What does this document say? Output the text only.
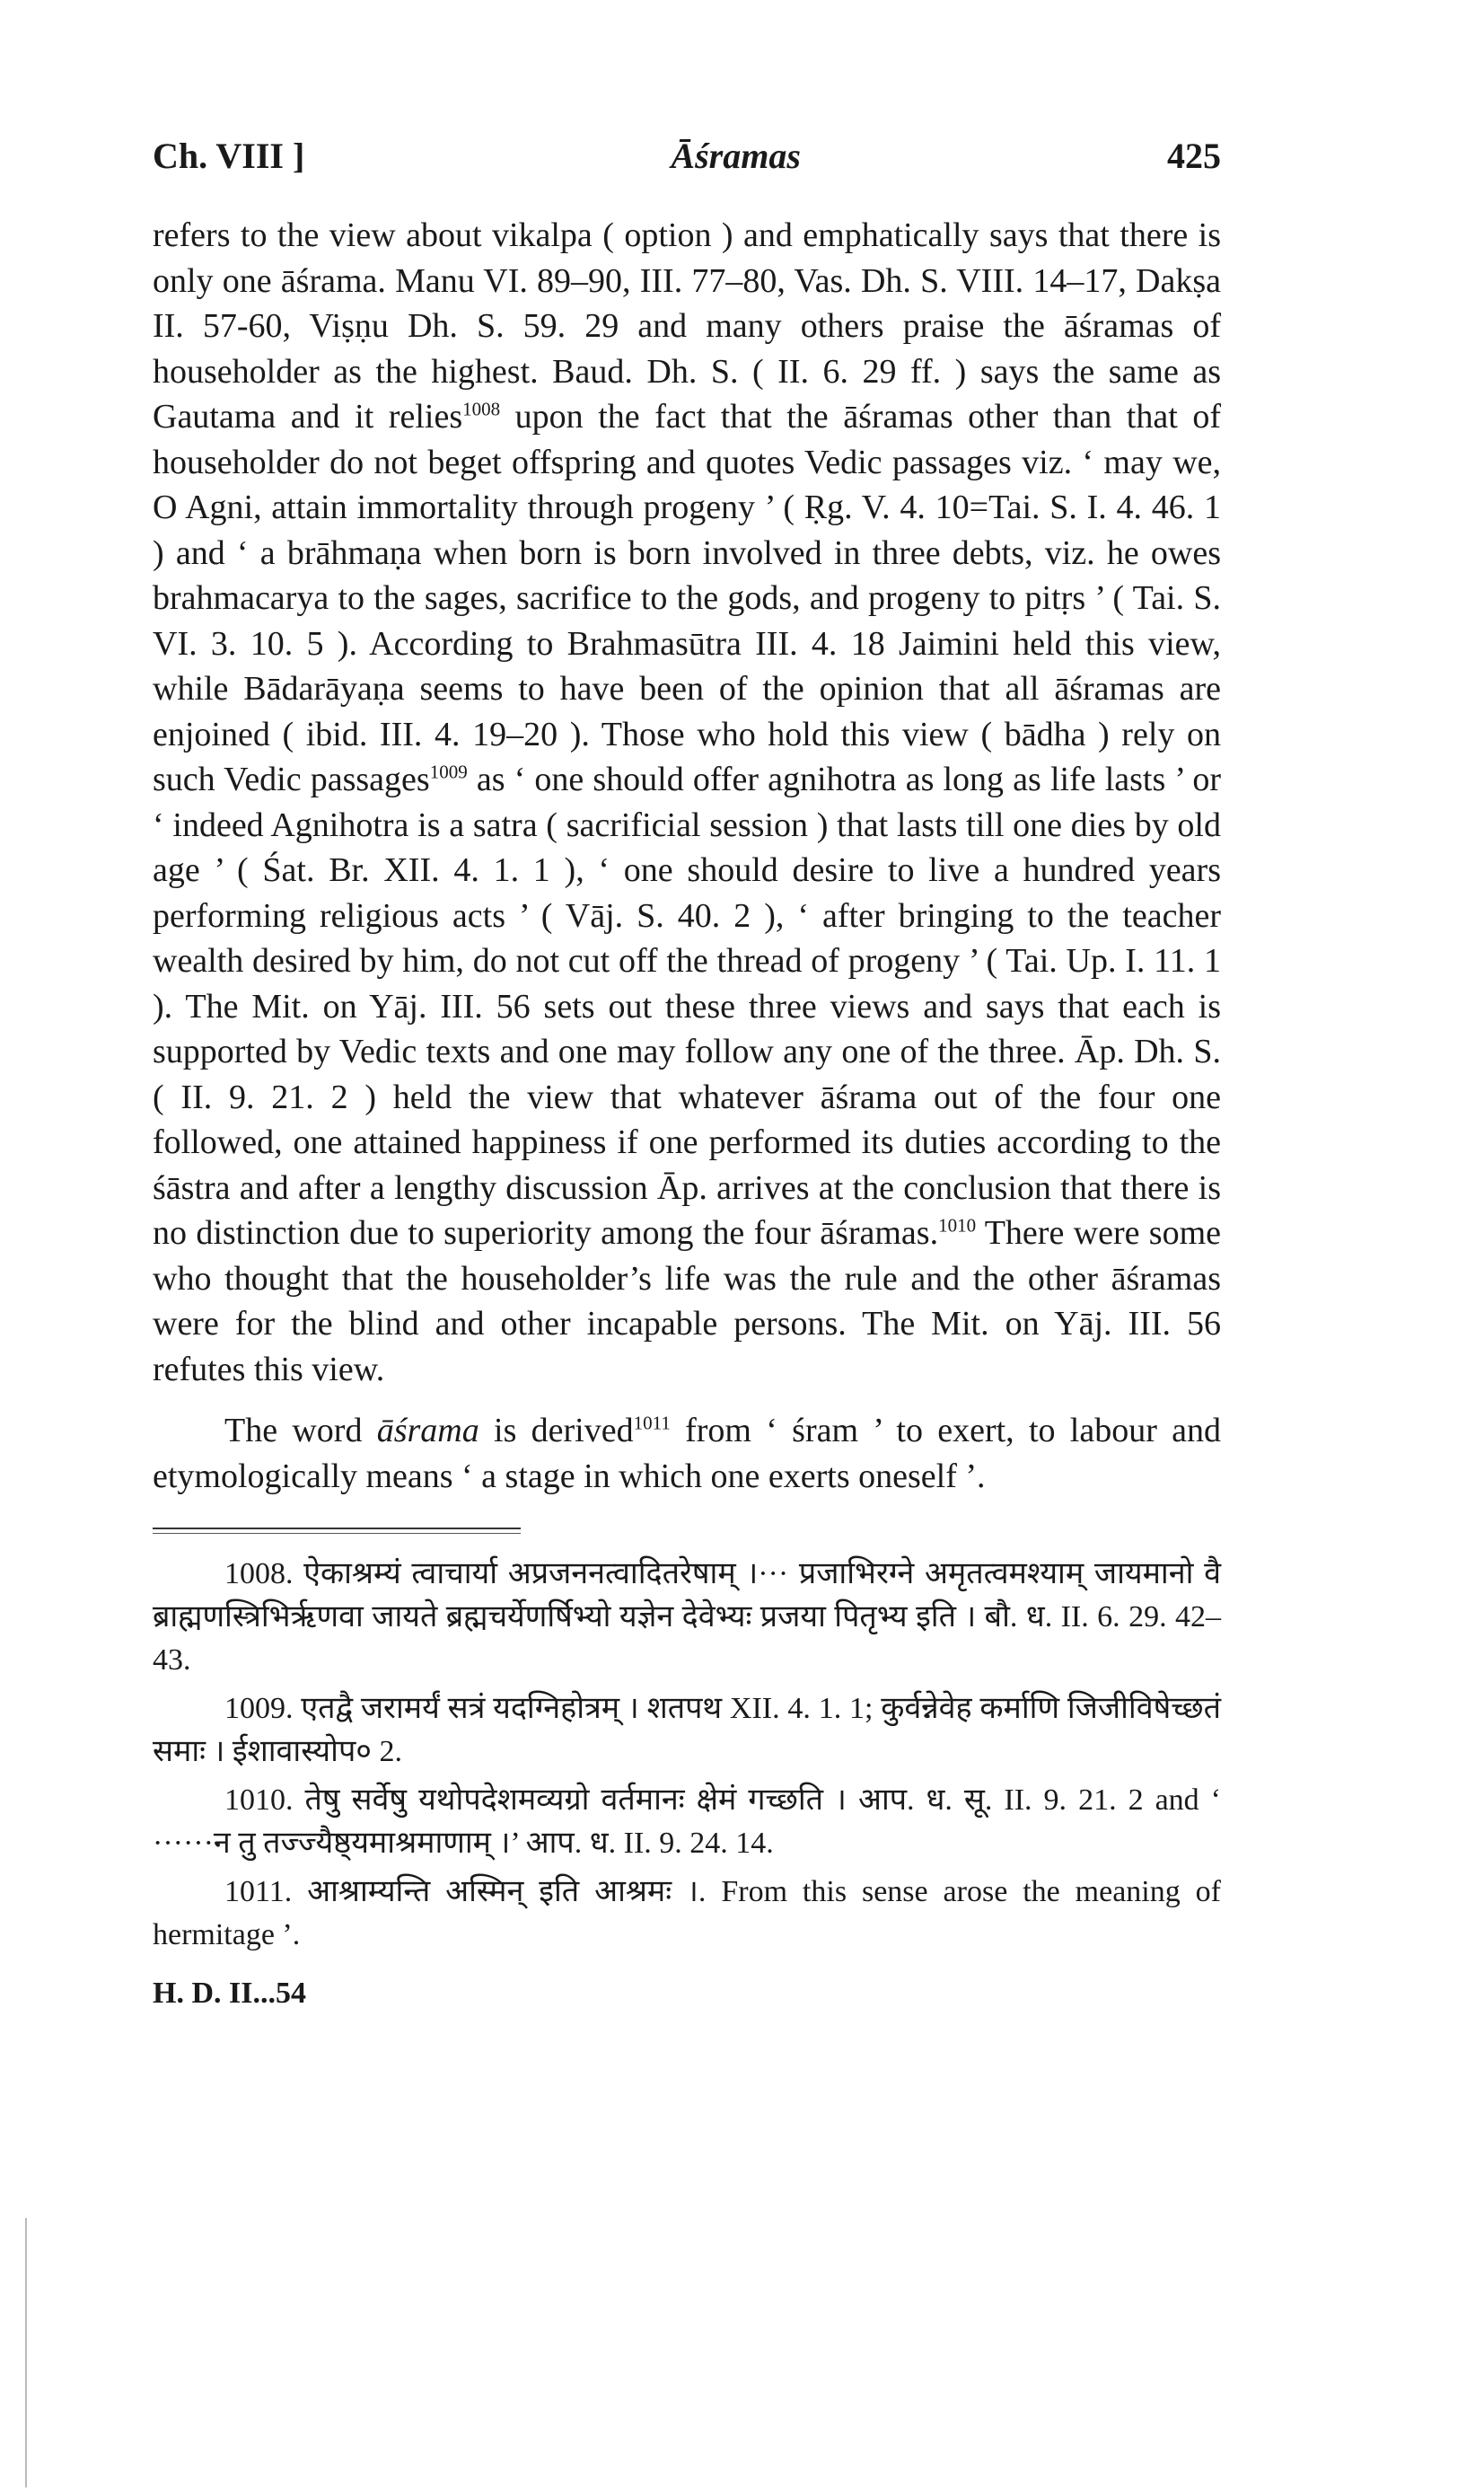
Ch. VIII ]	Āśramas	425

refers to the view about vikalpa ( option ) and emphatically says that there is only one āśrama. Manu VI. 89–90, III. 77–80, Vas. Dh. S. VIII. 14–17, Dakṣa II. 57-60, Viṣṇu Dh. S. 59. 29 and many others praise the āśramas of householder as the highest. Baud. Dh. S. ( II. 6. 29 ff. ) says the same as Gautama and it relies$^{1008}$ upon the fact that the āśramas other than that of householder do not beget offspring and quotes Vedic passages viz. ‘ may we, O Agni, attain immortality through progeny ’ ( Ṛg. V. 4. 10=Tai. S. I. 4. 46. 1 ) and ‘ a brāhmaṇa when born is born involved in three debts, viz. he owes brahmacarya to the sages, sacrifice to the gods, and progeny to pitṛs ’ ( Tai. S. VI. 3. 10. 5 ). According to Brahmasūtra III. 4. 18 Jaimini held this view, while Bādarāyaṇa seems to have been of the opinion that all āśramas are enjoined ( ibid. III. 4. 19–20 ). Those who hold this view ( bādha ) rely on such Vedic passages$^{1009}$ as ‘ one should offer agnihotra as long as life lasts ’ or ‘ indeed Agnihotra is a satra ( sacrificial session ) that lasts till one dies by old age ’ ( Śat. Br. XII. 4. 1. 1 ), ‘ one should desire to live a hundred years performing religious acts ’ ( Vāj. S. 40. 2 ), ‘ after bringing to the teacher wealth desired by him, do not cut off the thread of progeny ’ ( Tai. Up. I. 11. 1 ). The Mit. on Yāj. III. 56 sets out these three views and says that each is supported by Vedic texts and one may follow any one of the three. Āp. Dh. S. ( II. 9. 21. 2 ) held the view that whatever āśrama out of the four one followed, one attained happiness if one performed its duties according to the śāstra and after a lengthy discussion Āp. arrives at the conclusion that there is no distinction due to superiority among the four āśramas.$^{1010}$ There were some who thought that the householder’s life was the rule and the other āśramas were for the blind and other incapable persons. The Mit. on Yāj. III. 56 refutes this view.

The word āśrama is derived$^{1011}$ from ‘ śram ’ to exert, to labour and etymologically means ‘ a stage in which one exerts oneself ’.

1008. ऐकाश्रम्यं त्वाचार्या अप्रजननत्वादितरेषाम् ।··· प्रजाभिरग्ने अमृतत्वमश्याम् जायमानो वै ब्राह्मणस्त्रिभिर्ऋणवा जायते ब्रह्मचर्येणर्षिभ्यो यज्ञेन देवेभ्यः प्रजया पितृभ्य इति । बौ. ध. II. 6. 29. 42–43.

1009. एतद्वै जरामर्यं सत्रं यदग्निहोत्रम् । शतपथ XII. 4. 1. 1; कुर्वन्नेवेह कर्माणि जिजीविषेच्छतं समाः । ईशावास्योप० 2.

1010. तेषु सर्वेषु यथोपदेशमव्यग्रो वर्तमानः क्षेमं गच्छति । आप. ध. सू. II. 9. 21. 2 and ‘ ······न तु तज्ज्यैष्ठ्यमाश्रमाणाम् ।’ आप. ध. II. 9. 24. 14.

1011. आश्राम्यन्ति अस्मिन् इति आश्रमः ।. From this sense arose the meaning of hermitage ’.

H. D. II...54
